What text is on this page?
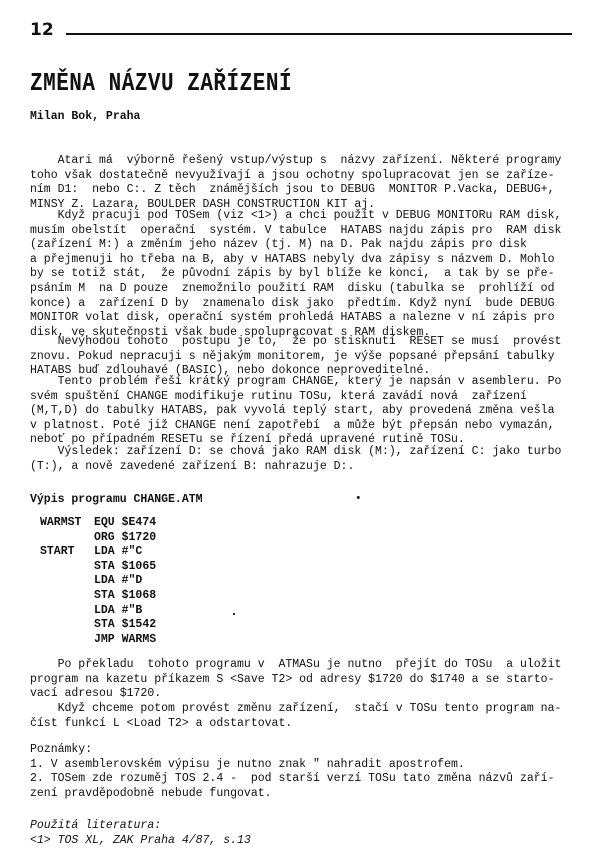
12
ZMĚNA NÁZVU ZAŘÍZENÍ
Milan Bok, Praha
Atari má  výborně řešený vstup/výstup s  názvy zařízení. Některé programy
toho však dostatečně nevyužívají a jsou ochotny spolupracovat jen se zaříze-
ním D1:  nebo C:. Z těch  známějších jsou to DEBUG  MONITOR P.Vacka, DEBUG+,
MINSY Z. Lazara, BOULDER DASH CONSTRUCTION KIT aj.
Když pracuji pod TOSem (viz <1>) a chci použít v DEBUG MONITORu RAM disk,
musím obelstít  operační  systém. V tabulce  HATABS najdu zápis pro  RAM disk
(zařízení M:) a změním jeho název (tj. M) na D. Pak najdu zápis pro disk
a přejmenuji ho třeba na B, aby v HATABS nebyly dva zápisy s názvem D. Mohlo
by se totiž stát,  že původní zápis by byl blíže ke konci,  a tak by se pře-
psáním M  na D pouze  znemožnilo použití RAM  disku (tabulka se  prohlíží od
konce) a  zařízení D by  znamenalo disk jako  předtím. Když nyní  bude DEBUG
MONITOR volat disk, operační systém prohledá HATABS a nalezne v ní zápis pro
disk, ve skutečnosti však bude spolupracovat s RAM diskem.
Nevýhodou tohoto  postupu je to,  že po stisknutí  RESET se musí  provést
znovu. Pokud nepracuji s nějakým monitorem, je výše popsané přepsání tabulky
HATABS buď zdlouhavé (BASIC), nebo dokonce neproveditelné.
Tento problém řeší krátký program CHANGE, který je napsán v asembleru. Po
svém spuštění CHANGE modifikuje rutinu TOSu, která zavádí nová  zařízení
(M,T,D) do tabulky HATABS, pak vyvolá teplý start, aby provedená změna vešla
v platnost. Poté již CHANGE není zapotřebí  a může být přepsán nebo vymazán,
neboť po případném RESETu se řízení předá upravené rutině TOSu.
Výsledek: zařízení D: se chová jako RAM disk (M:), zařízení C: jako turbo
(T:), a nově zavedené zařízení B: nahrazuje D:.
Výpis programu CHANGE.ATM	•
WARMST EQU $E474
ORG $1720
START LDA #"C
STA $1065
LDA #"D
STA $1068
LDA #"B
STA $1542
JMP WARMS
Po překladu  tohoto programu v  ATMASu je nutno  přejít do TOSu  a uložit
program na kazetu příkazem S <Save T2> od adresy $1720 do $1740 a se starto-
vací adresou $1720.
Když chceme potom provést změnu zařízení,  stačí v TOSu tento program na-
číst funkcí L <Load T2> a odstartovat.
Poznámky:
1. V asemblerovském výpisu je nutno znak " nahradit apostrofem.
2. TOSem zde rozuměj TOS 2.4 -  pod starší verzí TOSu tato změna názvů zaří-
zení pravděpodobně nebude fungovat.
Použitá literatura:
<1> TOS XL, ZAK Praha 4/87, s.13
